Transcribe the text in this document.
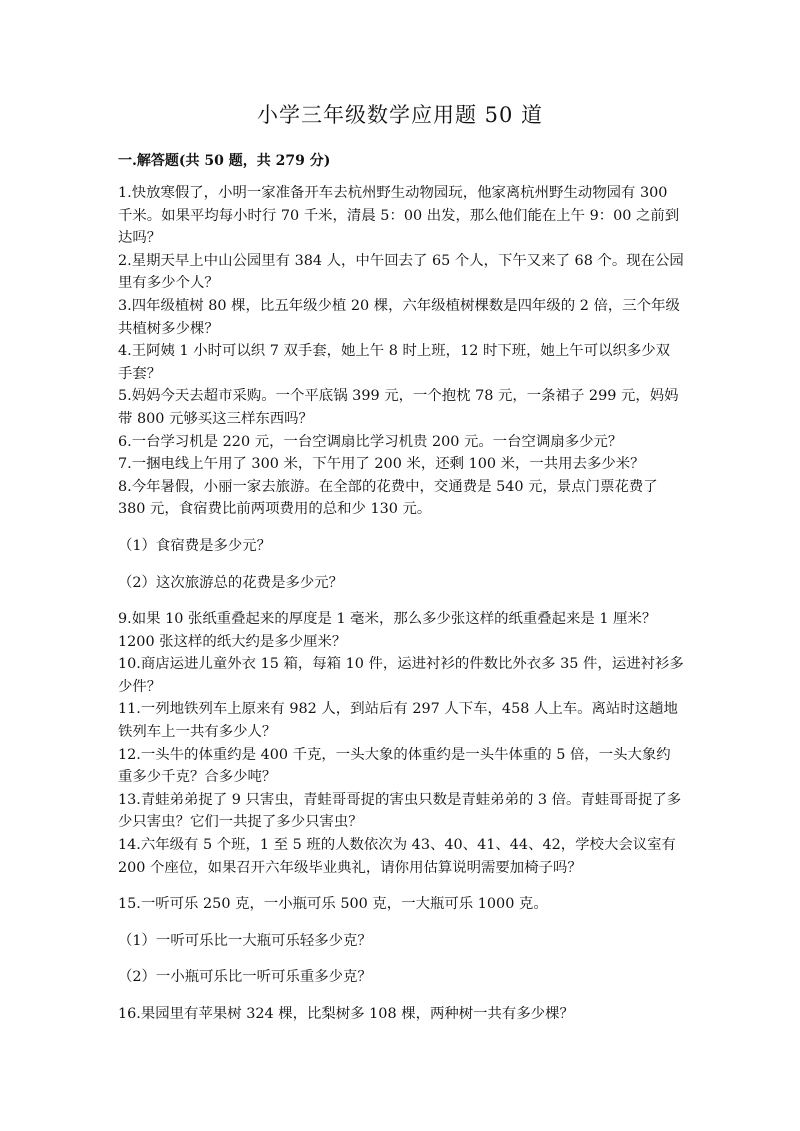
小学三年级数学应用题 50 道
一.解答题(共 50 题，共 279 分)

1.快放寒假了，小明一家准备开车去杭州野生动物园玩，他家离杭州野生动物园有 300 千米。如果平均每小时行 70 千米，清晨 5：00 出发，那么他们能在上午 9：00 之前到达吗？

2.星期天早上中山公园里有 384 人，中午回去了 65 个人，下午又来了 68 个。现在公园里有多少个人？

3.四年级植树 80 棵，比五年级少植 20 棵，六年级植树棵数是四年级的 2 倍，三个年级共植树多少棵？

4.王阿姨 1 小时可以织 7 双手套，她上午 8 时上班，12 时下班，她上午可以织多少双手套？

5.妈妈今天去超市采购。一个平底锅 399 元，一个抱枕 78 元，一条裙子 299 元，妈妈带 800 元够买这三样东西吗？

6.一台学习机是 220 元，一台空调扇比学习机贵 200 元。一台空调扇多少元？

7.一捆电线上午用了 300 米，下午用了 200 米，还剩 100 米，一共用去多少米？

8.今年暑假，小丽一家去旅游。在全部的花费中，交通费是 540 元，景点门票花费了 380 元，食宿费比前两项费用的总和少 130 元。

（1）食宿费是多少元？

（2）这次旅游总的花费是多少元？

9.如果 10 张纸重叠起来的厚度是 1 毫米，那么多少张这样的纸重叠起来是 1 厘米？1200 张这样的纸大约是多少厘米？

10.商店运进儿童外衣 15 箱，每箱 10 件，运进衬衫的件数比外衣多 35 件，运进衬衫多少件？

11.一列地铁列车上原来有 982 人，到站后有 297 人下车，458 人上车。离站时这趟地铁列车上一共有多少人？

12.一头牛的体重约是 400 千克，一头大象的体重约是一头牛体重的 5 倍，一头大象约重多少千克？合多少吨？

13.青蛙弟弟捉了 9 只害虫，青蛙哥哥捉的害虫只数是青蛙弟弟的 3 倍。青蛙哥哥捉了多少只害虫？它们一共捉了多少只害虫？

14.六年级有 5 个班，1 至 5 班的人数依次为 43、40、41、44、42，学校大会议室有 200 个座位，如果召开六年级毕业典礼，请你用估算说明需要加椅子吗？

15.一听可乐 250 克，一小瓶可乐 500 克，一大瓶可乐 1000 克。

（1）一听可乐比一大瓶可乐轻多少克？

（2）一小瓶可乐比一听可乐重多少克？

16.果园里有苹果树 324 棵，比梨树多 108 棵，两种树一共有多少棵？
